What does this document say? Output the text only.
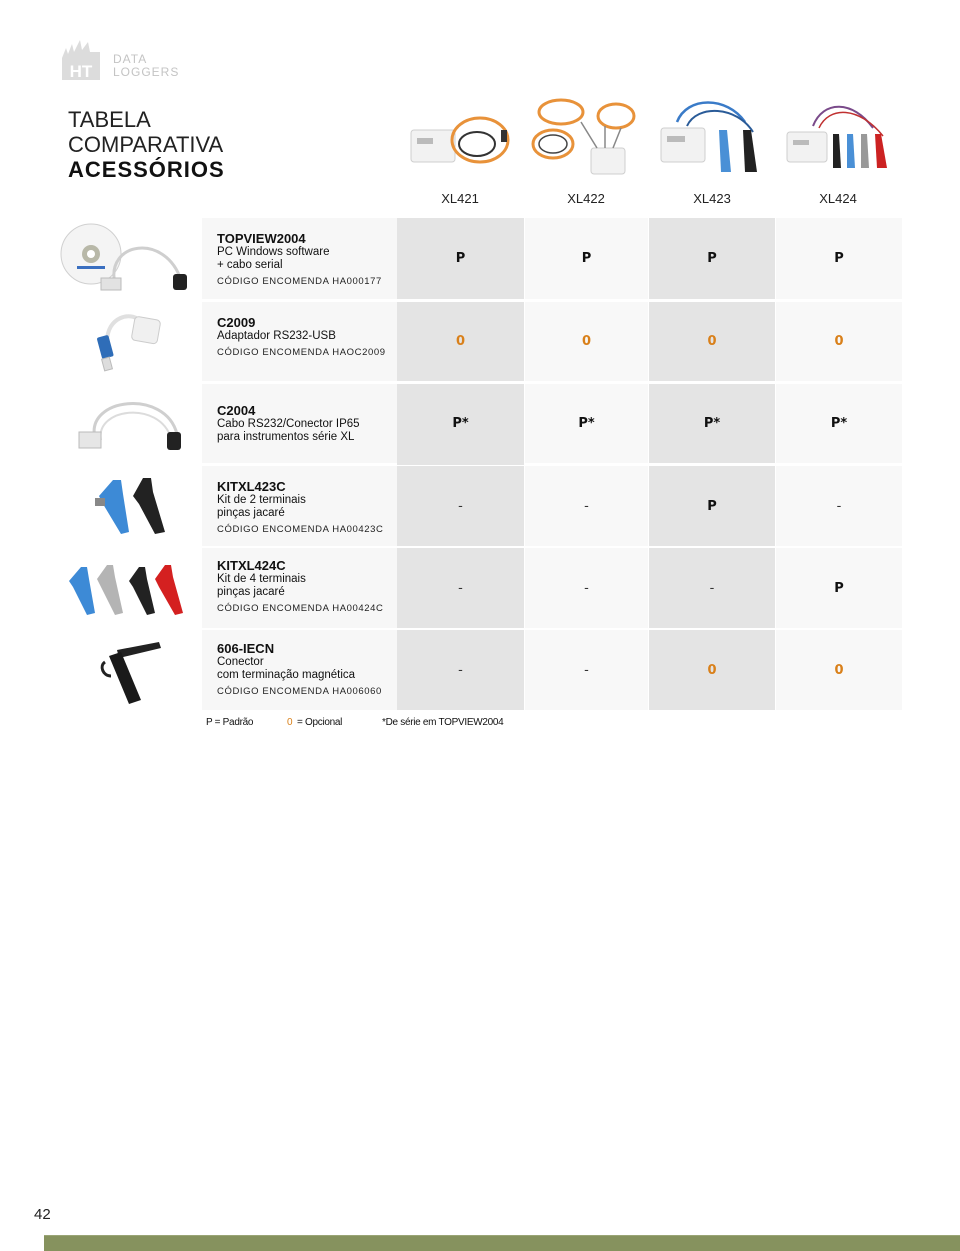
HT
DATA
LOGGERS
TABELA
COMPARATIVA
ACESSÓRIOS
XL421	XL422	XL423	XL424
TOPVIEW2004
PC Windows software
+ cabo serial
CÓDIGO ENCOMENDA HA000177
P	P	P	P
C2009
Adaptador RS232-USB
CÓDIGO ENCOMENDA HAOC2009
0	0	0	0
C2004
Cabo RS232/Conector IP65
para instrumentos série XL
P*	P*	P*	P*
KITXL423C
Kit de 2 terminais
pinças jacaré
CÓDIGO ENCOMENDA HA00423C
-	-	P	-
KITXL424C
Kit de 4 terminais
pinças jacaré
CÓDIGO ENCOMENDA HA00424C
-	-	-	P
606-IECN
Conector
com terminação magnética
CÓDIGO ENCOMENDA HA006060
-	-	0	0
P = Padrão	0 = Opcional	*De série em TOPVIEW2004
42
